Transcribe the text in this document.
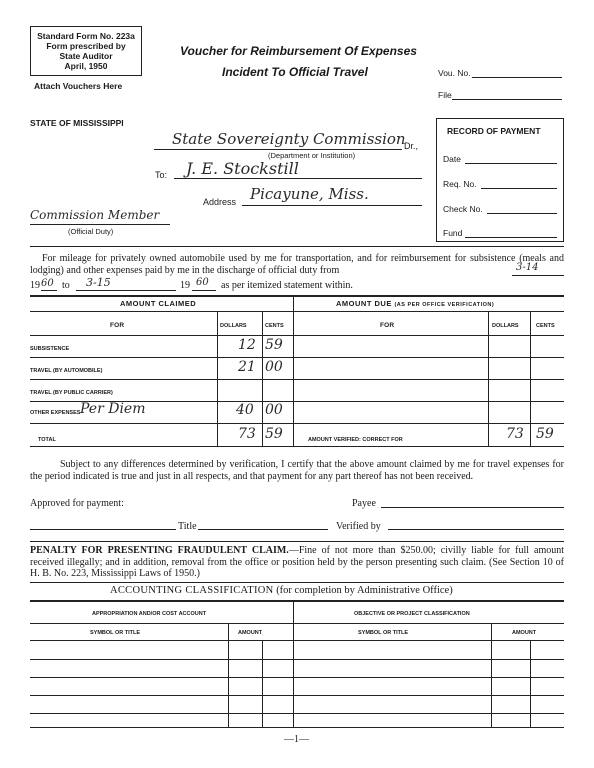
Standard Form No. 223a
Form prescribed by
State Auditor
April, 1950
Attach Vouchers Here
Voucher for Reimbursement Of Expenses
Incident To Official Travel	Vou. No.
File
STATE OF MISSISSIPPI
State Sovereignty Commission
Dr.,
(Department or Institution)
To: J. E. Stockstill
Address Picayune, Miss.
Commission Member
(Official Duty)
RECORD OF PAYMENT
Date
Req. No.
Check No.
Fund
For mileage for privately owned automobile used by me for transportation, and for reimbursement for subsistence (meals and lodging) and other expenses paid by me in the discharge of official duty from	3-14
19 60 to 3-15	19 60 as per itemized statement within.
AMOUNT CLAIMED	AMOUNT DUE (AS PER OFFICE VERIFICATION)
FOR	DOLLARS	CENTS	FOR	DOLLARS	CENTS
SUBSISTENCE	12 59
TRAVEL (BY AUTOMOBILE)	21 00
TRAVEL (BY PUBLIC CARRIER)
OTHER EXPENSES Per Diem	40 00
TOTAL	73 59	AMOUNT VERIFIED: CORRECT FOR	73 59
Subject to any differences determined by verification, I certify that the above amount claimed by me for travel expenses for the period indicated is true and just in all respects, and that payment for any part thereof has not been received.
Approved for payment:	Payee
Title	Verified by
PENALTY FOR PRESENTING FRAUDULENT CLAIM.—Fine of not more than $250.00; civilly liable for full amount received illegally; and in addition, removal from the office or position held by the person presenting such claim. (See Section 10 of H. B. No. 223, Mississippi Laws of 1950.)
ACCOUNTING CLASSIFICATION (for completion by Administrative Office)
APPROPRIATION AND/OR COST ACCOUNT	OBJECTIVE OR PROJECT CLASSIFICATION
SYMBOL OR TITLE	AMOUNT	SYMBOL OR TITLE	AMOUNT
—1—
